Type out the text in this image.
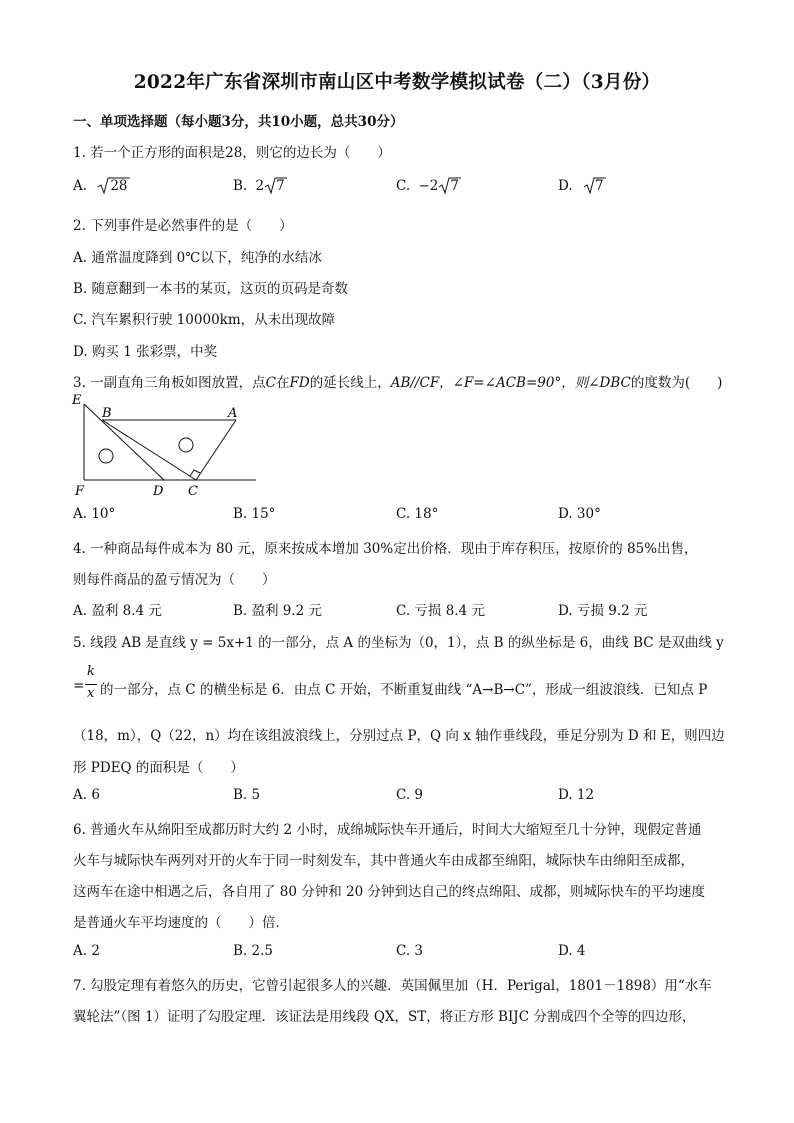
2022年广东省深圳市南山区中考数学模拟试卷（二）（3月份）
一、单项选择题（每小题3分，共10小题，总共30分）
1. 若一个正方形的面积是28，则它的边长为（　　）
A. 28	B. 2 7	C. −2 7	D. 7
2. 下列事件是必然事件的是（　　）
A. 通常温度降到 0℃以下，纯净的水结冰
B. 随意翻到一本书的某页，这页的页码是奇数
C. 汽车累积行驶 10000km，从未出现故障
D. 购买 1 张彩票，中奖
3. 一副直角三角板如图放置，点C在FD的延长线上，AB//CF，∠F=∠ACB=90°，则∠DBC的度数为(　　)
E
B	A
F	D C
A. 10°	B. 15°	C. 18°	D. 30°
4. 一种商品每件成本为 80 元，原来按成本增加 30%定出价格．现由于库存积压，按原价的 85%出售，
则每件商品的盈亏情况为（　　）
A. 盈利 8.4 元	B. 盈利 9.2 元	C. 亏损 8.4 元	D. 亏损 9.2 元
5. 线段 AB 是直线 y = 5x+1 的一部分，点 A 的坐标为（0，1），点 B 的纵坐标是 6，曲线 BC 是双曲线 y
=
k
x 的一部分，点 C 的横坐标是 6．由点 C 开始，不断重复曲线 “A→B→C”，形成一组波浪线．已知点 P
（18，m），Q（22，n）均在该组波浪线上，分别过点 P，Q 向 x 轴作垂线段，垂足分别为 D 和 E，则四边
形 PDEQ 的面积是（　　）
A. 6	B. 5	C. 9	D. 12
6. 普通火车从绵阳至成都历时大约 2 小时，成绵城际快车开通后，时间大大缩短至几十分钟，现假定普通
火车与城际快车两列对开的火车于同一时刻发车，其中普通火车由成都至绵阳，城际快车由绵阳至成都，
这两车在途中相遇之后，各自用了 80 分钟和 20 分钟到达自己的终点绵阳、成都，则城际快车的平均速度
是普通火车平均速度的（　　）倍．
A. 2	B. 2.5	C. 3	D. 4
7. 勾股定理有着悠久的历史，它曾引起很多人的兴趣．英国佩里加（H．Perigal，1801－1898）用“水车
翼轮法”（图 1）证明了勾股定理．该证法是用线段 QX，ST，将正方形 BIJC 分割成四个全等的四边形，
